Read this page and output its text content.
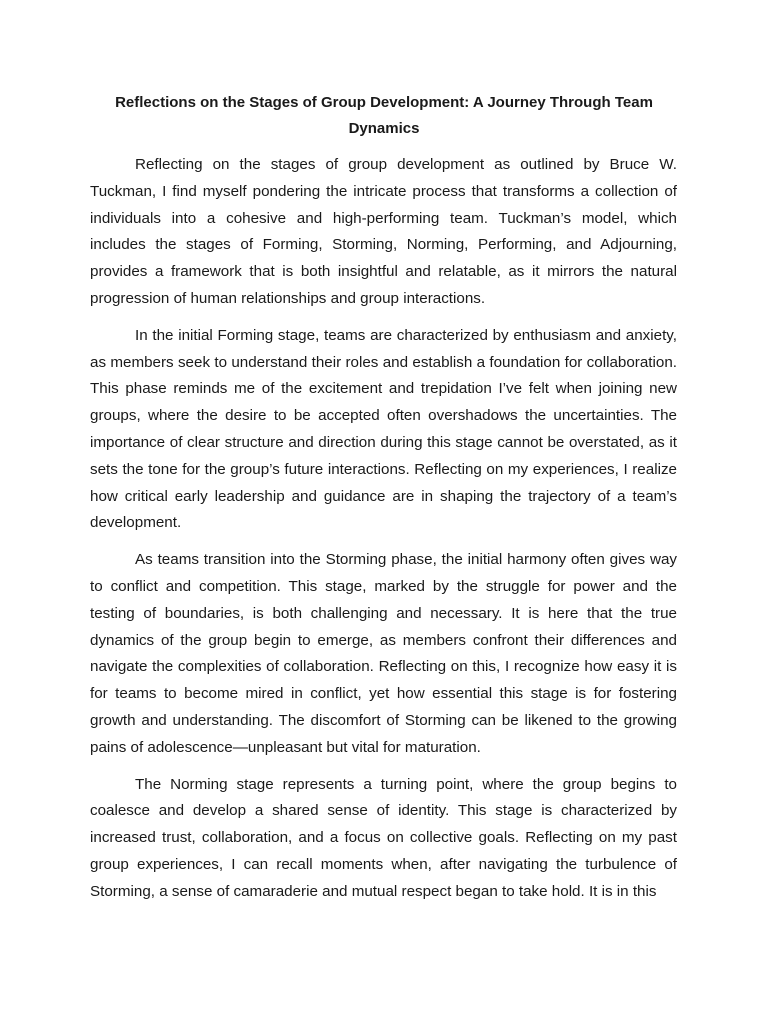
Reflections on the Stages of Group Development: A Journey Through Team Dynamics

Reflecting on the stages of group development as outlined by Bruce W. Tuckman, I find myself pondering the intricate process that transforms a collection of individuals into a cohesive and high-performing team. Tuckman’s model, which includes the stages of Forming, Storming, Norming, Performing, and Adjourning, provides a framework that is both insightful and relatable, as it mirrors the natural progression of human relationships and group interactions.

In the initial Forming stage, teams are characterized by enthusiasm and anxiety, as members seek to understand their roles and establish a foundation for collaboration. This phase reminds me of the excitement and trepidation I’ve felt when joining new groups, where the desire to be accepted often overshadows the uncertainties. The importance of clear structure and direction during this stage cannot be overstated, as it sets the tone for the group’s future interactions. Reflecting on my experiences, I realize how critical early leadership and guidance are in shaping the trajectory of a team’s development.

As teams transition into the Storming phase, the initial harmony often gives way to conflict and competition. This stage, marked by the struggle for power and the testing of boundaries, is both challenging and necessary. It is here that the true dynamics of the group begin to emerge, as members confront their differences and navigate the complexities of collaboration. Reflecting on this, I recognize how easy it is for teams to become mired in conflict, yet how essential this stage is for fostering growth and understanding. The discomfort of Storming can be likened to the growing pains of adolescence—unpleasant but vital for maturation.

The Norming stage represents a turning point, where the group begins to coalesce and develop a shared sense of identity. This stage is characterized by increased trust, collaboration, and a focus on collective goals. Reflecting on my past group experiences, I can recall moments when, after navigating the turbulence of Storming, a sense of camaraderie and mutual respect began to take hold. It is in this
